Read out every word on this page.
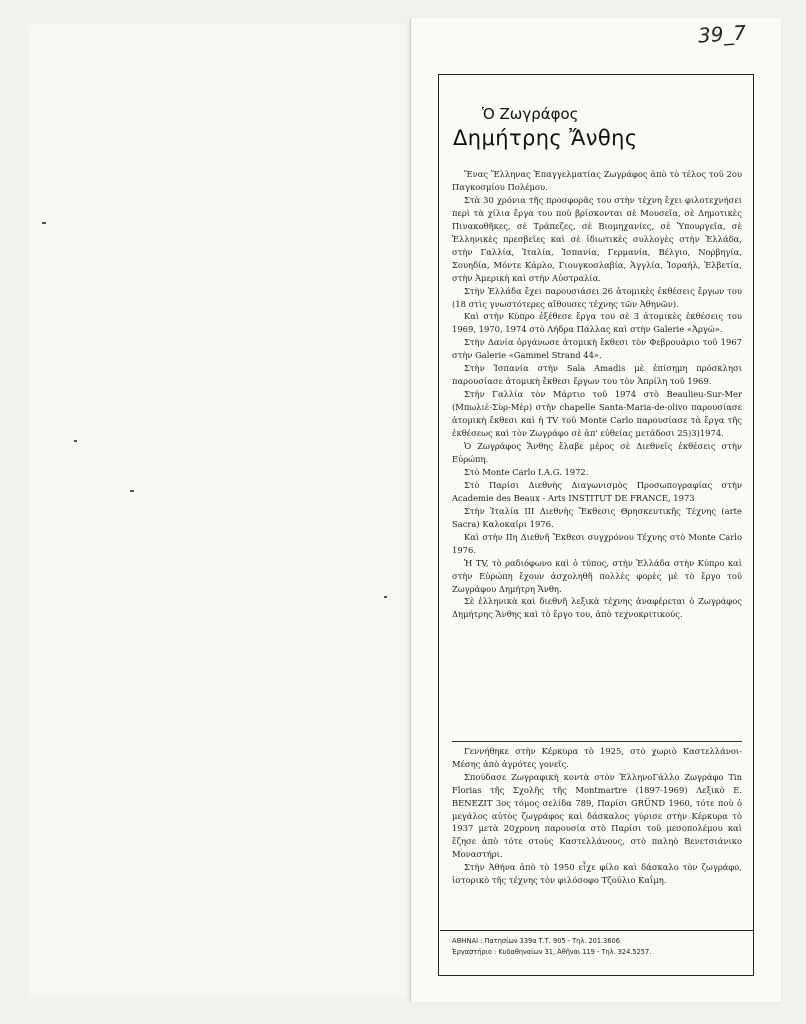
39_7
Ὁ Ζωγράφος
Δημήτρης Ἄνθης

Ἕνας Ἕλληνας Ἐπαγγελματίας Ζωγράφος ἀπὸ τὸ τέλος τοῦ 2ου Παγκοσμίου Πολέμου.

Στὰ 30 χρόνια τῆς προσφορᾶς του στὴν τέχνη ἔχει φιλοτεχνήσει περὶ τὰ χίλια ἔργα του ποὺ βρίσκονται σὲ Μουσεῖα, σὲ Δημοτικὲς Πινακοθῆκες, σὲ Τράπεζες, σὲ Βιομηχανίες, σὲ Ὑπουργεῖα, σὲ Ἑλληνικὲς πρεσβεῖες καὶ σὲ ἰδιωτικὲς συλλογὲς στὴν Ἑλλάδα, στὴν Γαλλία, Ἰταλία, Ἰσπανία, Γερμανία, Βέλγιο, Νορβηγία, Σουηδία, Μόντε Κάρλο, Γιουγκοσλαβία, Ἀγγλία, Ἰσραήλ, Ἑλβετία, στὴν Ἀμερικὴ καὶ στὴν Αὐστραλία.

Στὴν Ἑλλάδα ἔχει παρουσιάσει 26 ἀτομικὲς ἐκθέσεις ἔργων του (18 στὶς γνωστότερες αἴθουσες τέχνης τῶν Ἀθηνῶν).

Καὶ στὴν Κύπρο ἐξέθεσε ἔργα του σὲ 3 ἀτομικὲς ἐκθέσεις του 1969, 1970, 1974 στὸ Λήδρα Πάλλας καὶ στὴν Galerie «Ἀργώ».

Στὴν Δανία ὀργάνωσε ἀτομικὴ ἔκθεσι τὸν Φεβρουάριο τοῦ 1967 στὴν Galerie «Gammel Strand 44».

Στὴν Ἰσπανία στὴν Sala Amadis μὲ ἐπίσημη πρόσκλησι παρουσίασε ἀτομικὴ ἔκθεσι ἔργων του τὸν Ἀπρίλη τοῦ 1969.

Στὴν Γαλλία τὸν Μάρτιο τοῦ 1974 στὸ Beaulieu-Sur-Mer (Μπωλιὲ-Σὺρ-Μὲρ) στὴν chapelle Santa-Maria-de-olivo παρουσίασε ἀτομικὴ ἔκθεσι καὶ ἡ TV τοῦ Monte Carlo παρουσίασε τὰ ἔργα τῆς ἐκθέσεως καὶ τὸν Ζωγράφο σὲ ἀπ' εὐθείας μετάδοσι 25)3)1974.

Ὁ Ζωγράφος Ἄνθης ἔλαβε μέρος σὲ Διεθνεῖς ἐκθέσεις στὴν Εὐρώπη.

Στὸ Monte Carlo I.A.G. 1972.

Στὸ Παρίσι Διεθνὴς Διαγωνισμὸς Προσωπογραφίας στὴν Academie des Beaux - Arts INSTITUT DE FRANCE, 1973

Στὴν Ἰταλία ΙΙΙ Διεθνὴς Ἔκθεσις Θρησκευτικῆς Τέχνης (arte Sacra) Καλοκαίρι 1976.

Καὶ στὴν ΙΙη Διεθνῆ Ἔκθεσι συγχρόνου Τέχνης στὸ Monte Carlo 1976.

Ἡ TV, τὸ ραδιόφωνο καὶ ὁ τύπος, στὴν Ἑλλάδα στὴν Κύπρο καὶ στὴν Εὐρώπη ἔχουν ἀσχοληθῆ πολλὲς φορὲς μὲ τὸ ἔργο τοῦ Ζωγράφου Δημήτρη Ἄνθη.

Σὲ ἑλληνικὰ καὶ διεθνῆ λεξικὰ τέχνης ἀναφέρεται ὁ Ζωγράφος Δημήτρης Ἄνθης καὶ τὸ ἔργο του, ἀπὸ τεχνοκριτικούς.

Γεννήθηκε στὴν Κέρκυρα τὸ 1925, στὸ χωριὸ Καστελλάνοι-Μέσης ἀπὸ ἀγρότες γονεῖς.

Σπούδασε Ζωγραφικὴ κοντὰ στὸν ἙλληνοΓάλλο Ζωγράφο Tin Florias τῆς Σχολῆς τῆς Montmartre (1897-1969) Λεξικὸ Ε. ΒΕΝΕΖΙΤ 3ος τόμος σελίδα 789, Παρίσι GRÜND 1960, τότε ποὺ ὁ μεγάλος αὐτὸς ζωγράφος καὶ δάσκαλος γύρισε στὴν Κέρκυρα τὸ 1937 μετὰ 20χρονη παρουσία στὸ Παρίσι τοῦ μεσοπολέμου καὶ ἔζησε ἀπὸ τότε στοὺς Καστελλάνους, στὸ παληὸ Βενετσιάνικο Μοναστήρι.

Στὴν Ἀθήνα ἀπὸ τὸ 1950 εἶχε φίλο καὶ δάσκαλο τὸν ζωγράφο, ἱστορικὸ τῆς τέχνης τὸν φιλόσοφο Τζούλιο Καΐμη.

ΑΘΗΝΑΙ : Πατησίων 339α Τ.Τ. 905 - Τηλ. 201.3606
Ἐργαστήριο : Κυδαθηναίων 31, Ἀθῆναι 119 - Τηλ. 324.5257.
